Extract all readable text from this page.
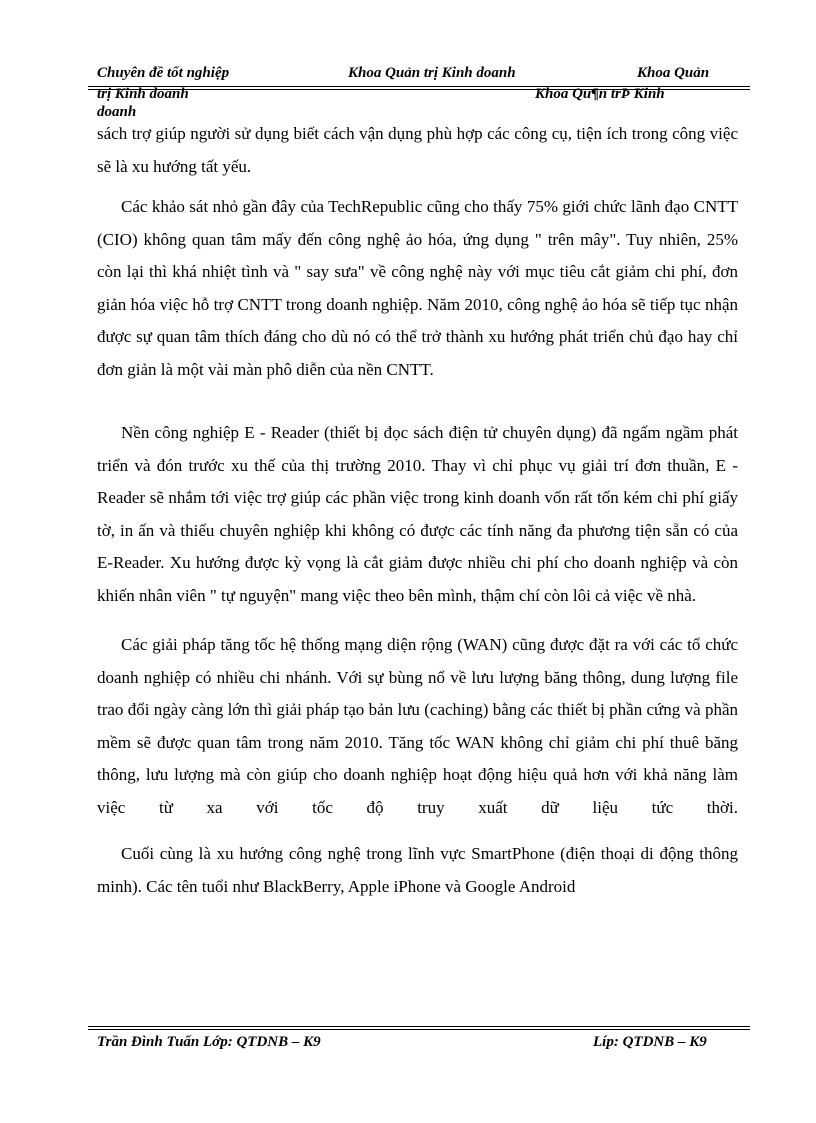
Chuyên đề tốt nghiệp	Khoa Quản trị Kinh doanh	Khoa Quản
trị Kinh doanh	Khoa Qu¶n trÞ Kinh
doanh

sách trợ giúp người sử dụng biết cách vận dụng phù hợp các công cụ, tiện ích trong công việc sẽ là xu hướng tất yếu.

Các khảo sát nhỏ gần đây của TechRepublic cũng cho thấy 75% giới chức lãnh đạo CNTT (CIO) không quan tâm mấy đến công nghệ ảo hóa, ứng dụng " trên mây". Tuy nhiên, 25% còn lại thì khá nhiệt tình và " say sưa" về công nghệ này với mục tiêu cắt giảm chi phí, đơn giản hóa việc hỗ trợ CNTT trong doanh nghiệp. Năm 2010, công nghệ ảo hóa sẽ tiếp tục nhận được sự quan tâm thích đáng cho dù nó có thể trở thành xu hướng phát triển chủ đạo hay chỉ đơn giản là một vài màn phô diễn của nền CNTT.

Nền công nghiệp E - Reader (thiết bị đọc sách điện tử chuyên dụng) đã ngấm ngầm phát triển và đón trước xu thế của thị trường 2010. Thay vì chỉ phục vụ giải trí đơn thuần, E - Reader sẽ nhắm tới việc trợ giúp các phần việc trong kinh doanh vốn rất tốn kém chi phí giấy tờ, in ấn và thiếu chuyên nghiệp khi không có được các tính năng đa phương tiện sẵn có của E-Reader. Xu hướng được kỳ vọng là cắt giảm được nhiều chi phí cho doanh nghiệp và còn khiến nhân viên " tự nguyện" mang việc theo bên mình, thậm chí còn lôi cả việc về nhà.

Các giải pháp tăng tốc hệ thống mạng diện rộng (WAN) cũng được đặt ra với các tổ chức doanh nghiệp có nhiều chi nhánh. Với sự bùng nổ về lưu lượng băng thông, dung lượng file trao đổi ngày càng lớn thì giải pháp tạo bản lưu (caching) bằng các thiết bị phần cứng và phần mềm sẽ được quan tâm trong năm 2010. Tăng tốc WAN không chỉ giảm chi phí thuê băng thông, lưu lượng mà còn giúp cho doanh nghiệp hoạt động hiệu quả hơn với khả năng làm việc từ xa với tốc độ truy xuất dữ liệu tức thời.

Cuối cùng là xu hướng công nghệ trong lĩnh vực SmartPhone (điện thoại di động thông minh). Các tên tuổi như BlackBerry, Apple iPhone và Google Android

Trần Đình Tuấn Lớp: QTDNB – K9	Líp: QTDNB – K9
